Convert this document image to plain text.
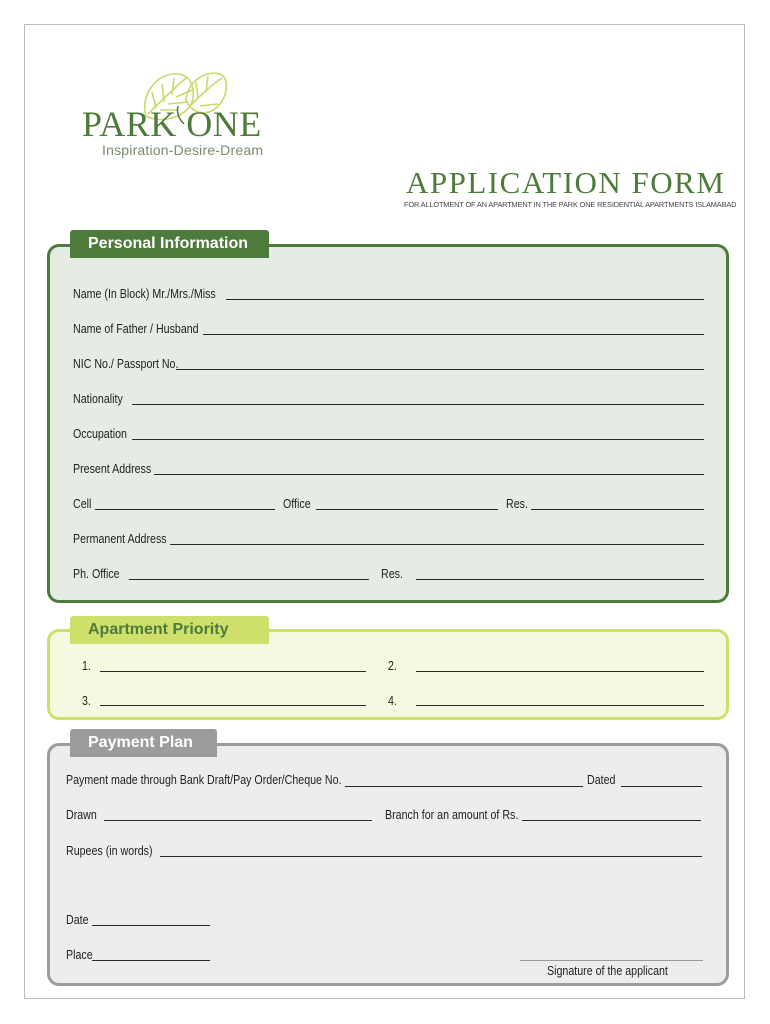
PARK ONE
Inspiration-Desire-Dream
APPLICATION FORM
FOR ALLOTMENT OF AN APARTMENT IN THE PARK ONE RESIDENTIAL APARTMENTS ISLAMABAD
Personal Information
Name (In Block) Mr./Mrs./Miss
Name of Father / Husband
NIC No./ Passport No.
Nationality
Occupation
Present Address
Cell	Office	Res.
Permanent Address
Ph. Office	Res.
Apartment Priority
1.	2.
3.	4.
Payment Plan
Payment made through Bank Draft/Pay Order/Cheque No.	Dated
Drawn	Branch for an amount of Rs.
Rupees (in words)
Date
Place
Signature of the applicant
